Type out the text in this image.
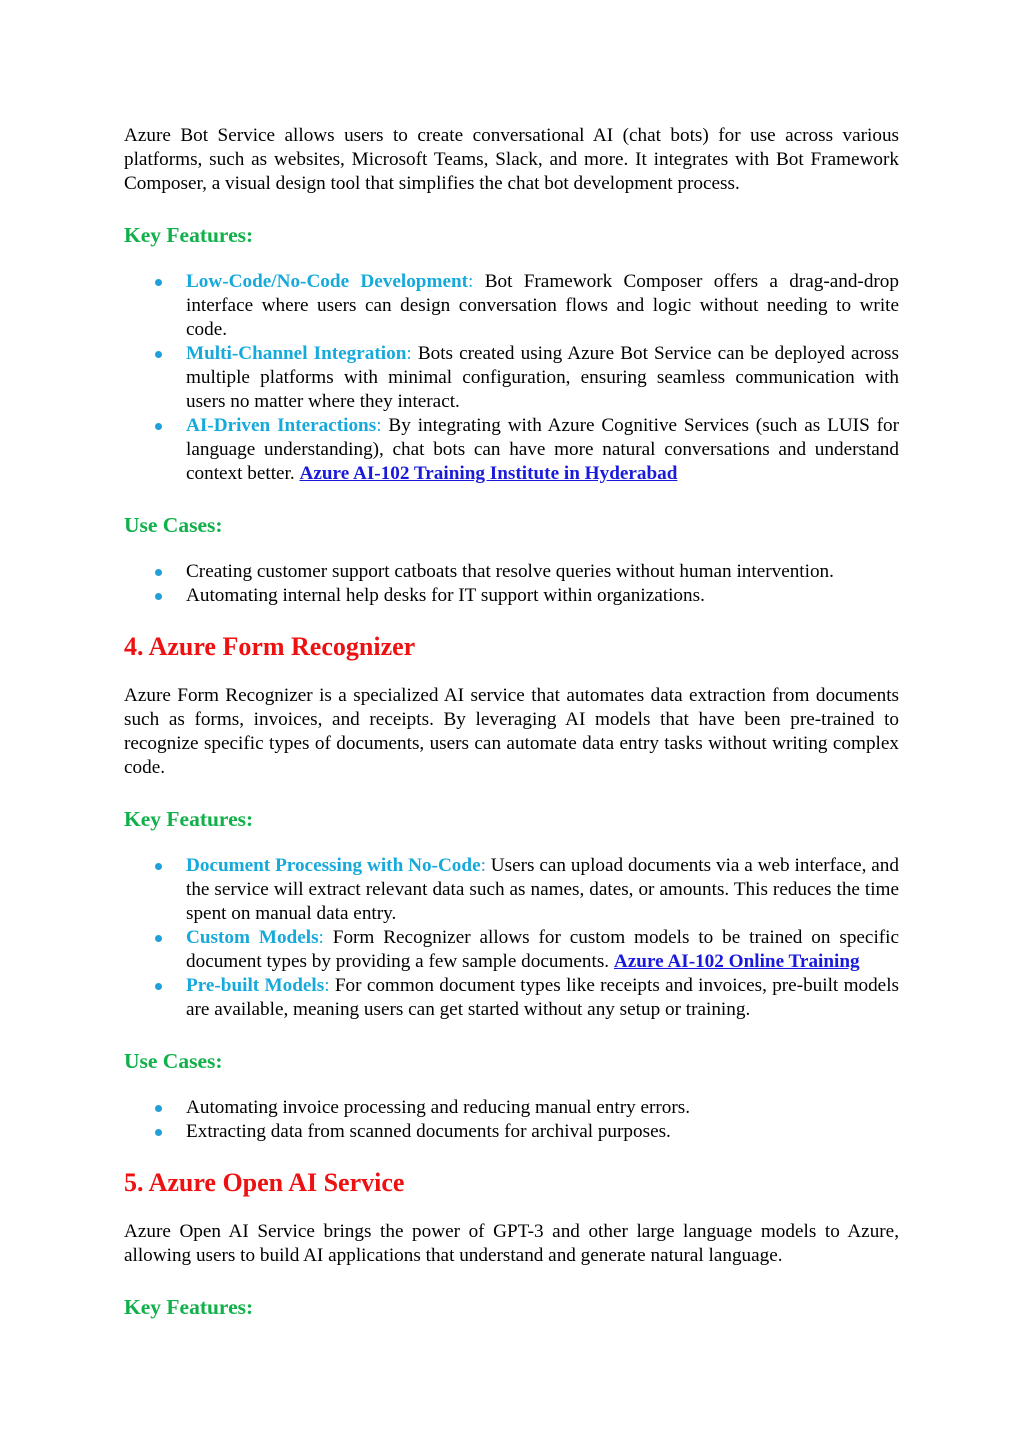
Azure Bot Service allows users to create conversational AI (chat bots) for use across various platforms, such as websites, Microsoft Teams, Slack, and more. It integrates with Bot Framework Composer, a visual design tool that simplifies the chat bot development process.

Key Features:
Low-Code/No-Code Development: Bot Framework Composer offers a drag-and-drop interface where users can design conversation flows and logic without needing to write code.
Multi-Channel Integration: Bots created using Azure Bot Service can be deployed across multiple platforms with minimal configuration, ensuring seamless communication with users no matter where they interact.
AI-Driven Interactions: By integrating with Azure Cognitive Services (such as LUIS for language understanding), chat bots can have more natural conversations and understand context better. Azure AI-102 Training Institute in Hyderabad
Use Cases:
Creating customer support catboats that resolve queries without human intervention.
Automating internal help desks for IT support within organizations.
4. Azure Form Recognizer

Azure Form Recognizer is a specialized AI service that automates data extraction from documents such as forms, invoices, and receipts. By leveraging AI models that have been pre-trained to recognize specific types of documents, users can automate data entry tasks without writing complex code.

Key Features:
Document Processing with No-Code: Users can upload documents via a web interface, and the service will extract relevant data such as names, dates, or amounts. This reduces the time spent on manual data entry.
Custom Models: Form Recognizer allows for custom models to be trained on specific document types by providing a few sample documents. Azure AI-102 Online Training
Pre-built Models: For common document types like receipts and invoices, pre-built models are available, meaning users can get started without any setup or training.
Use Cases:
Automating invoice processing and reducing manual entry errors.
Extracting data from scanned documents for archival purposes.
5. Azure Open AI Service

Azure Open AI Service brings the power of GPT-3 and other large language models to Azure, allowing users to build AI applications that understand and generate natural language.

Key Features:
